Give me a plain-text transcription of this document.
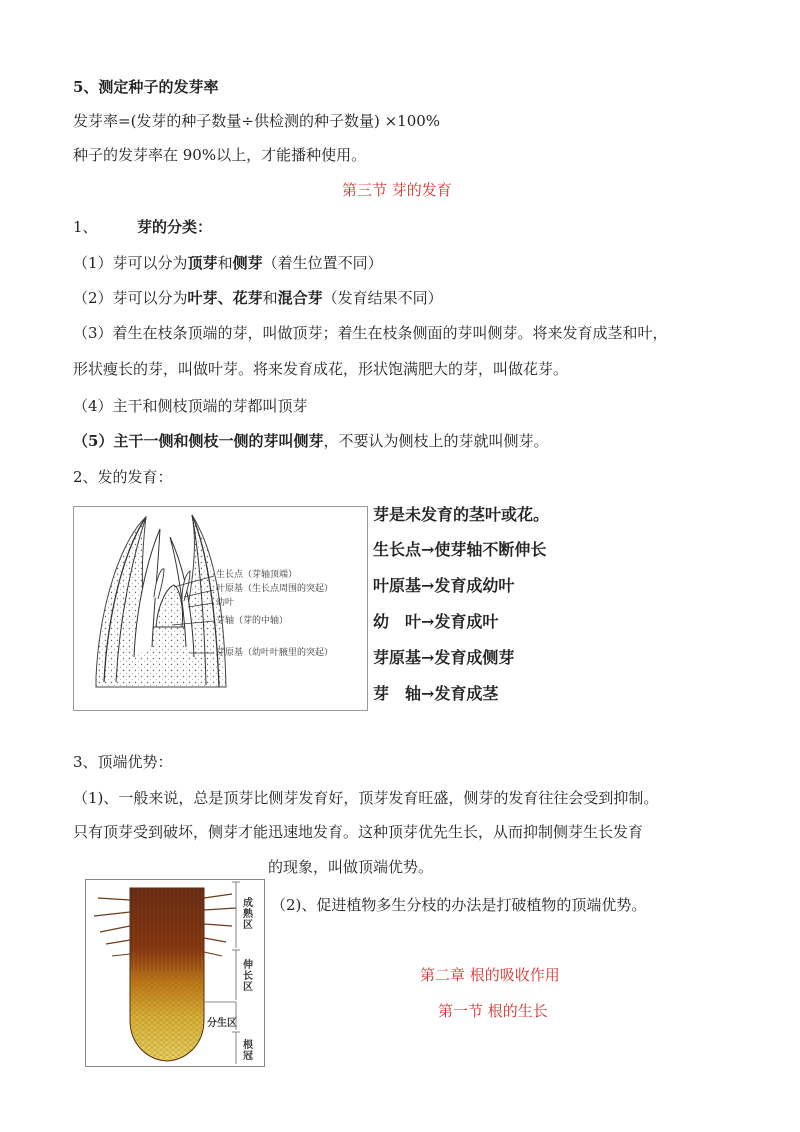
5、测定种子的发芽率
发芽率=(发芽的种子数量÷供检测的种子数量) ×100%
种子的发芽率在 90%以上，才能播种使用。
第三节 芽的发育
1、	芽的分类：
（1）芽可以分为顶芽和侧芽（着生位置不同）
（2）芽可以分为叶芽、花芽和混合芽（发育结果不同）
（3）着生在枝条顶端的芽，叫做顶芽；着生在枝条侧面的芽叫侧芽。将来发育成茎和叶，
形状瘦长的芽，叫做叶芽。将来发育成花，形状饱满肥大的芽，叫做花芽。
（4）主干和侧枝顶端的芽都叫顶芽
（5）主干一侧和侧枝一侧的芽叫侧芽，不要认为侧枝上的芽就叫侧芽。
2、发的发育：
生长点（芽轴顶端）
叶原基（生长点周围的突起）
幼叶
芽轴（芽的中轴）
芽原基（幼叶叶腋里的突起）
芽是未发育的茎叶或花。
生长点→使芽轴不断伸长
叶原基→发育成幼叶
幼　叶→发育成叶
芽原基→发育成侧芽
芽　轴→发育成茎
3、顶端优势：
（1)、一般来说，总是顶芽比侧芽发育好，顶芽发育旺盛，侧芽的发育往往会受到抑制。
只有顶芽受到破坏，侧芽才能迅速地发育。这种顶芽优先生长，从而抑制侧芽生长发育
的现象，叫做顶端优势。
（2)、促进植物多生分枝的办法是打破植物的顶端优势。
成熟区
伸长区
分生区
根冠
第二章 根的吸收作用
第一节 根的生长
